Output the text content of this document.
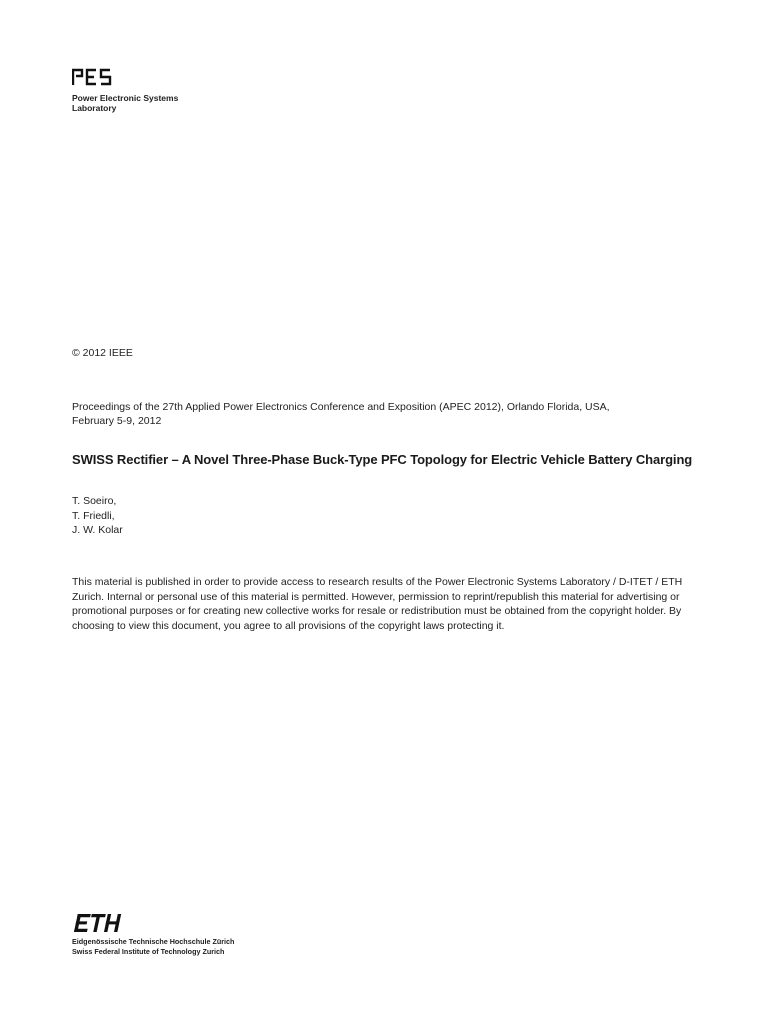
Power Electronic Systems
Laboratory
© 2012 IEEE
Proceedings of the 27th Applied Power Electronics Conference and Exposition (APEC 2012), Orlando Florida, USA,
February 5-9, 2012
SWISS Rectifier – A Novel Three-Phase Buck-Type PFC Topology for Electric Vehicle Battery Charging
T. Soeiro,
T. Friedli,
J. W. Kolar
This material is published in order to provide access to research results of the Power Electronic Systems Laboratory / D-ITET / ETH Zurich. Internal or personal use of this material is permitted. However, permission to reprint/republish this material for advertising or promotional purposes or for creating new collective works for resale or redistribution must be obtained from the copyright holder. By choosing to view this document, you agree to all provisions of the copyright laws protecting it.
Eidgenössische Technische Hochschule Zürich
Swiss Federal Institute of Technology Zurich
